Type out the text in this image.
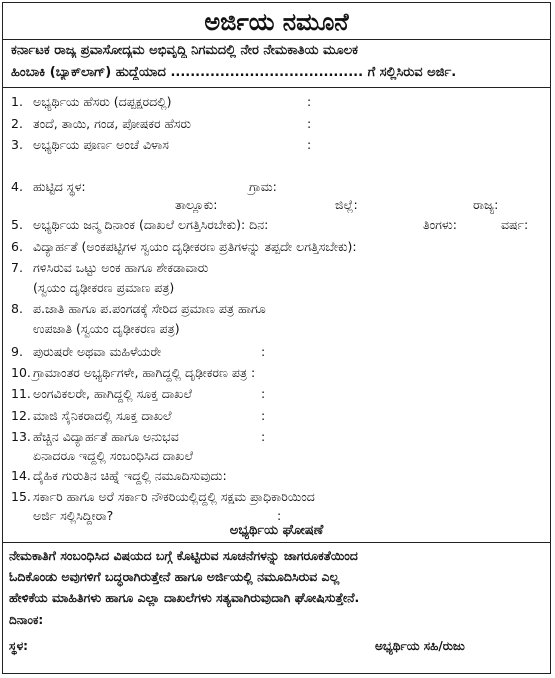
ಅರ್ಜಿಯ ನಮೂನೆ
ಕರ್ನಾಟಕ ರಾಜ್ಯ ಪ್ರವಾಸೋದ್ಯಮ ಅಭಿವೃದ್ಧಿ ನಿಗಮದಲ್ಲಿ ನೇರ ನೇಮಕಾತಿಯ ಮೂಲಕ
ಹಿಂಬಾಕಿ (ಬ್ಯಾಕ್‌ಲಾಗ್) ಹುದ್ದೆಯಾದ ....................................... ಗೆ ಸಲ್ಲಿಸಿರುವ ಅರ್ಜಿ.
1. ಅಭ್ಯರ್ಥಿಯ ಹೆಸರು (ದಪ್ಪಕ್ಷರದಲ್ಲಿ)	:
2. ತಂದೆ, ತಾಯಿ, ಗಂಡ, ಪೋಷಕರ ಹೆಸರು	:
3. ಅಭ್ಯರ್ಥಿಯ ಪೂರ್ಣ ಅಂಚೆ ವಿಳಾಸ	:
4. ಹುಟ್ಟಿದ ಸ್ಥಳ:	ಗ್ರಾಮ:
ತಾಲ್ಲೂಕು:	ಜಿಲ್ಲೆ:	ರಾಜ್ಯ:
5. ಅಭ್ಯರ್ಥಿಯ ಜನ್ಮ ದಿನಾಂಕ (ದಾಖಲೆ ಲಗತ್ತಿಸಿರಬೇಕು): ದಿನ:	ತಿಂಗಳು:	ವರ್ಷ:
6. ವಿದ್ಯಾರ್ಹತೆ (ಅಂಕಪಟ್ಟಿಗಳ ಸ್ವಯಂ ದೃಢೀಕರಣ ಪ್ರತಿಗಳನ್ನು ತಪ್ಪದೇ ಲಗತ್ತಿಸಬೇಕು):
7. ಗಳಿಸಿರುವ ಒಟ್ಟು ಅಂಕ ಹಾಗೂ ಶೇಕಡಾವಾರು
(ಸ್ವಯಂ ದೃಢೀಕರಣ ಪ್ರಮಾಣ ಪತ್ರ)
8. ಪ.ಜಾತಿ ಹಾಗೂ ಪ.ಪಂಗಡಕ್ಕೆ ಸೇರಿದ ಪ್ರಮಾಣ ಪತ್ರ ಹಾಗೂ
ಉಪಜಾತಿ (ಸ್ವಯಂ ದೃಢೀಕರಣ ಪತ್ರ)
9. ಪುರುಷರೇ ಅಥವಾ ಮಹಿಳೆಯರೇ	:
10. ಗ್ರಾಮಾಂತರ ಅಭ್ಯರ್ಥಿಗಳೇ, ಹಾಗಿದ್ದಲ್ಲಿ ದೃಢೀಕರಣ ಪತ್ರ :
11. ಅಂಗವಿಕಲರೇ, ಹಾಗಿದ್ದಲ್ಲಿ ಸೂಕ್ತ ದಾಖಲೆ	:
12. ಮಾಜಿ ಸೈನಿಕರಾದಲ್ಲಿ ಸೂಕ್ತ ದಾಖಲೆ	:
13. ಹೆಚ್ಚಿನ ವಿದ್ಯಾರ್ಹತೆ ಹಾಗೂ ಅನುಭವ	:
ಏನಾದರೂ ಇದ್ದಲ್ಲಿ ಸಂಬಂಧಿಸಿದ ದಾಖಲೆ
14. ದೈಹಿಕ ಗುರುತಿನ ಚಿಹ್ನೆ ಇದ್ದಲ್ಲಿ ನಮೂದಿಸುವುದು:
15. ಸರ್ಕಾರಿ ಹಾಗೂ ಅರೆ ಸರ್ಕಾರಿ ನೌಕರಿಯಲ್ಲಿದ್ದಲ್ಲಿ ಸಕ್ಷಮ ಪ್ರಾಧಿಕಾರಿಯಿಂದ
ಅರ್ಜಿ ಸಲ್ಲಿಸಿದ್ದೀರಾ?	:
ಅಭ್ಯರ್ಥಿಯ ಘೋಷಣೆ
ನೇಮಕಾತಿಗೆ ಸಂಬಂಧಿಸಿದ ವಿಷಯದ ಬಗ್ಗೆ ಕೊಟ್ಟಿರುವ ಸೂಚನೆಗಳನ್ನು ಜಾಗರೂಕತೆಯಿಂದ
ಓದಿಕೊಂಡು ಅವುಗಳಿಗೆ ಬದ್ಧರಾಗಿರುತ್ತೇನೆ ಹಾಗೂ ಅರ್ಜಿಯಲ್ಲಿ ನಮೂದಿಸಿರುವ ಎಲ್ಲ
ಹೇಳಿಕೆಯ ಮಾಹಿತಿಗಳು ಹಾಗೂ ಎಲ್ಲಾ ದಾಖಲೆಗಳು ಸತ್ಯವಾಗಿರುವುದಾಗಿ ಘೋಷಿಸುತ್ತೇನೆ.
ದಿನಾಂಕ:
ಸ್ಥಳ:	ಅಭ್ಯರ್ಥಿಯ ಸಹಿ/ರುಜು
